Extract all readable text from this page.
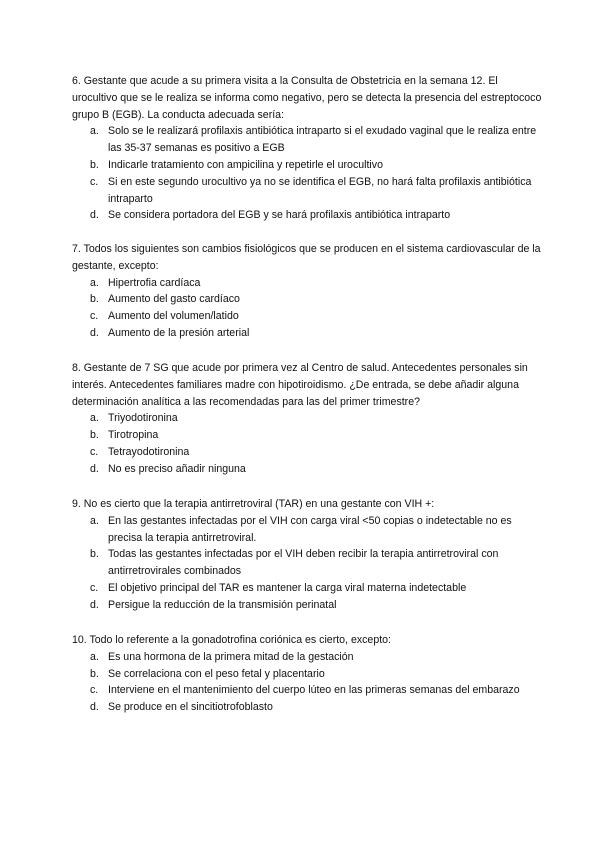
6. Gestante que acude a su primera visita a la Consulta de Obstetricia en la semana 12. El urocultivo que se le realiza se informa como negativo, pero se detecta la presencia del estreptococo grupo B (EGB). La conducta adecuada sería:

a. Solo se le realizará profilaxis antibiótica intraparto si el exudado vaginal que le realiza entre las 35-37 semanas es positivo a EGB
b. Indicarle tratamiento con ampicilina y repetirle el urocultivo
c. Si en este segundo urocultivo ya no se identifica el EGB, no hará falta profilaxis antibiótica intraparto
d. Se considera portadora del EGB y se hará profilaxis antibiótica intraparto

7. Todos los siguientes son cambios fisiológicos que se producen en el sistema cardiovascular de la gestante, excepto:

a. Hipertrofia cardíaca
b. Aumento del gasto cardíaco
c. Aumento del volumen/latido
d. Aumento de la presión arterial

8. Gestante de 7 SG que acude por primera vez al Centro de salud. Antecedentes personales sin interés. Antecedentes familiares madre con hipotiroidismo. ¿De entrada, se debe añadir alguna determinación analítica a las recomendadas para las del primer trimestre?

a. Triyodotironina
b. Tirotropina
c. Tetrayodotironina
d. No es preciso añadir ninguna

9. No es cierto que la terapia antirretroviral (TAR) en una gestante con VIH +:

a. En las gestantes infectadas por el VIH con carga viral <50 copias o indetectable no es precisa la terapia antirretroviral.
b. Todas las gestantes infectadas por el VIH deben recibir la terapia antirretroviral con antirretrovirales combinados
c. El objetivo principal del TAR es mantener la carga viral materna indetectable
d. Persigue la reducción de la transmisión perinatal

10. Todo lo referente a la gonadotrofina coriónica es cierto, excepto:

a. Es una hormona de la primera mitad de la gestación
b. Se correlaciona con el peso fetal y placentario
c. Interviene en el mantenimiento del cuerpo lúteo en las primeras semanas del embarazo
d. Se produce en el sincitiotrofoblasto
